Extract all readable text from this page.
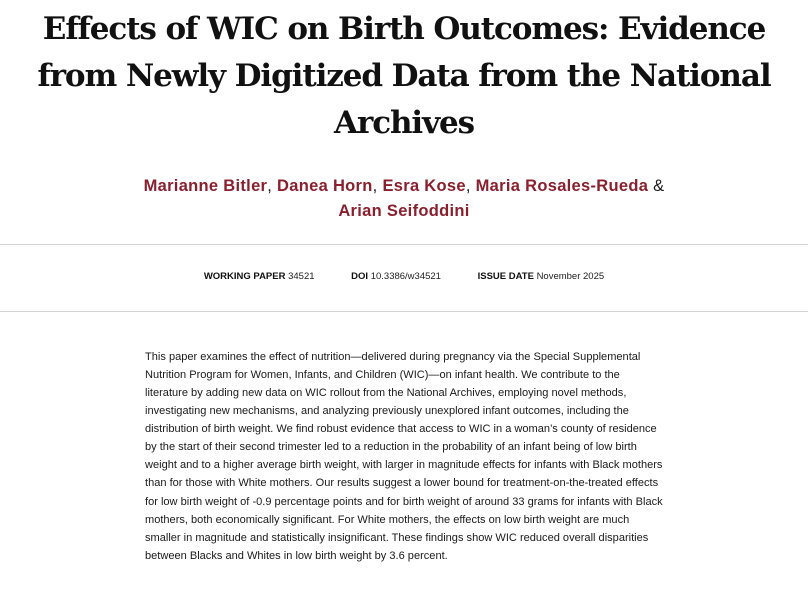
Effects of WIC on Birth Outcomes: Evidence from Newly Digitized Data from the National Archives
Marianne Bitler, Danea Horn, Esra Kose, Maria Rosales-Rueda & Arian Seifoddini
WORKING PAPER 34521	DOI 10.3386/w34521	ISSUE DATE November 2025

This paper examines the effect of nutrition—delivered during pregnancy via the Special Supplemental Nutrition Program for Women, Infants, and Children (WIC)—on infant health. We contribute to the literature by adding new data on WIC rollout from the National Archives, employing novel methods, investigating new mechanisms, and analyzing previously unexplored infant outcomes, including the distribution of birth weight. We find robust evidence that access to WIC in a woman’s county of residence by the start of their second trimester led to a reduction in the probability of an infant being of low birth weight and to a higher average birth weight, with larger in magnitude effects for infants with Black mothers than for those with White mothers. Our results suggest a lower bound for treatment-on-the-treated effects for low birth weight of -0.9 percentage points and for birth weight of around 33 grams for infants with Black mothers, both economically significant. For White mothers, the effects on low birth weight are much smaller in magnitude and statistically insignificant. These findings show WIC reduced overall disparities between Blacks and Whites in low birth weight by 3.6 percent.
